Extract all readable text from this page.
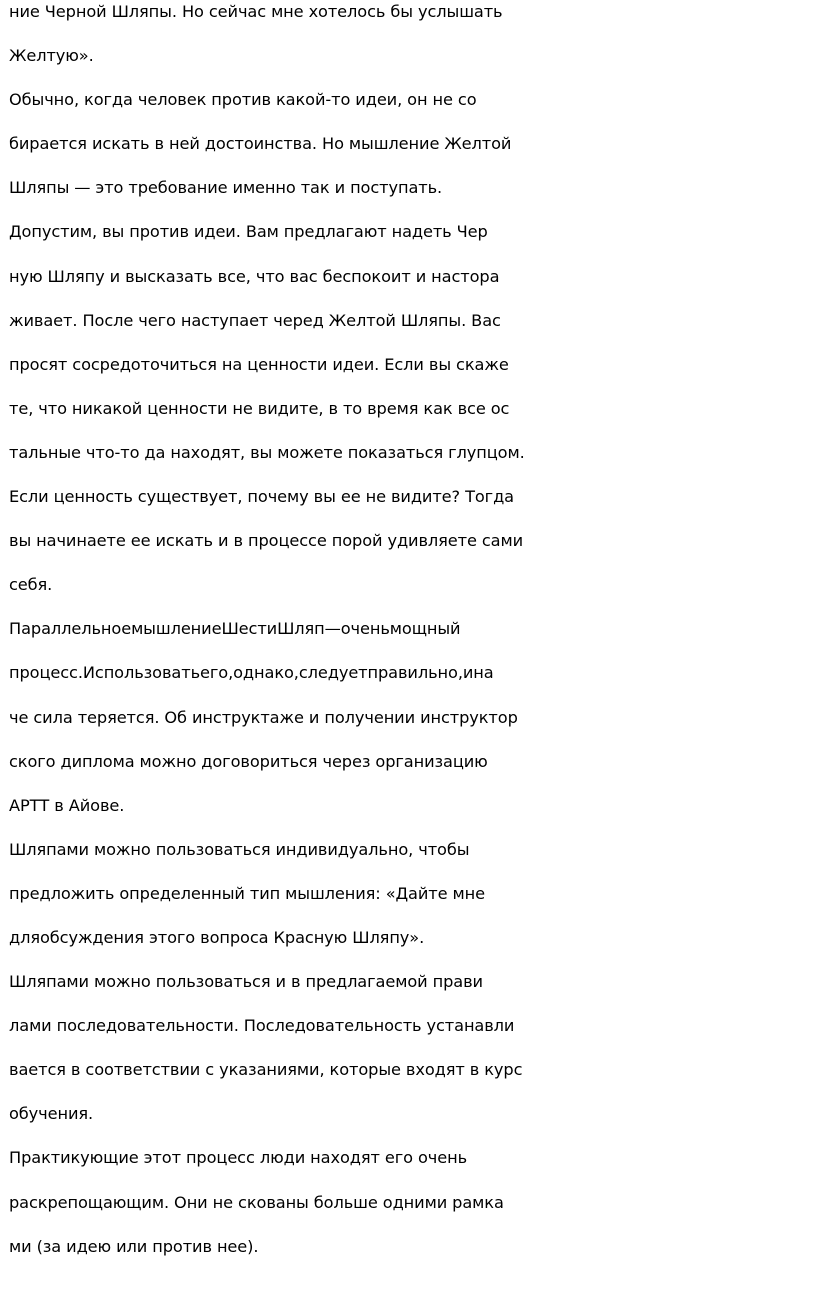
ние Черной Шляпы. Но сейчас мне хотелось бы услышать
Желтую».
Обычно, когда человек против какой-то идеи, он не со
бирается искать в ней достоинства. Но мышление Желтой
Шляпы — это требование именно так и поступать.
Допустим, вы против идеи. Вам предлагают надеть Чер
ную Шляпу и высказать все, что вас беспокоит и настора
живает. После чего наступает черед Желтой Шляпы. Вас
просят сосредоточиться на ценности идеи. Если вы скаже
те, что никакой ценности не видите, в то время как все ос
тальные что-то да находят, вы можете показаться глупцом.
Если ценность существует, почему вы ее не видите? Тогда
вы начинаете ее искать и в процессе порой удивляете сами
себя.
ПараллельноемышлениеШестиШляп—оченьмощный
процесс.Использоватьего,однако,следуетправильно,ина
че сила теряется. Об инструктаже и получении инструктор
ского диплома можно договориться через организацию
АРТТ в Айове.
Шляпами можно пользоваться индивидуально, чтобы
предложить определенный тип мышления: «Дайте мне
дляобсуждения этого вопроса Красную Шляпу».
Шляпами можно пользоваться и в предлагаемой прави
лами последовательности. Последовательность устанавли
вается в соответствии с указаниями, которые входят в курс
обучения.
Практикующие этот процесс люди находят его очень
раскрепощающим. Они не скованы больше одними рамка
ми (за идею или против нее).
